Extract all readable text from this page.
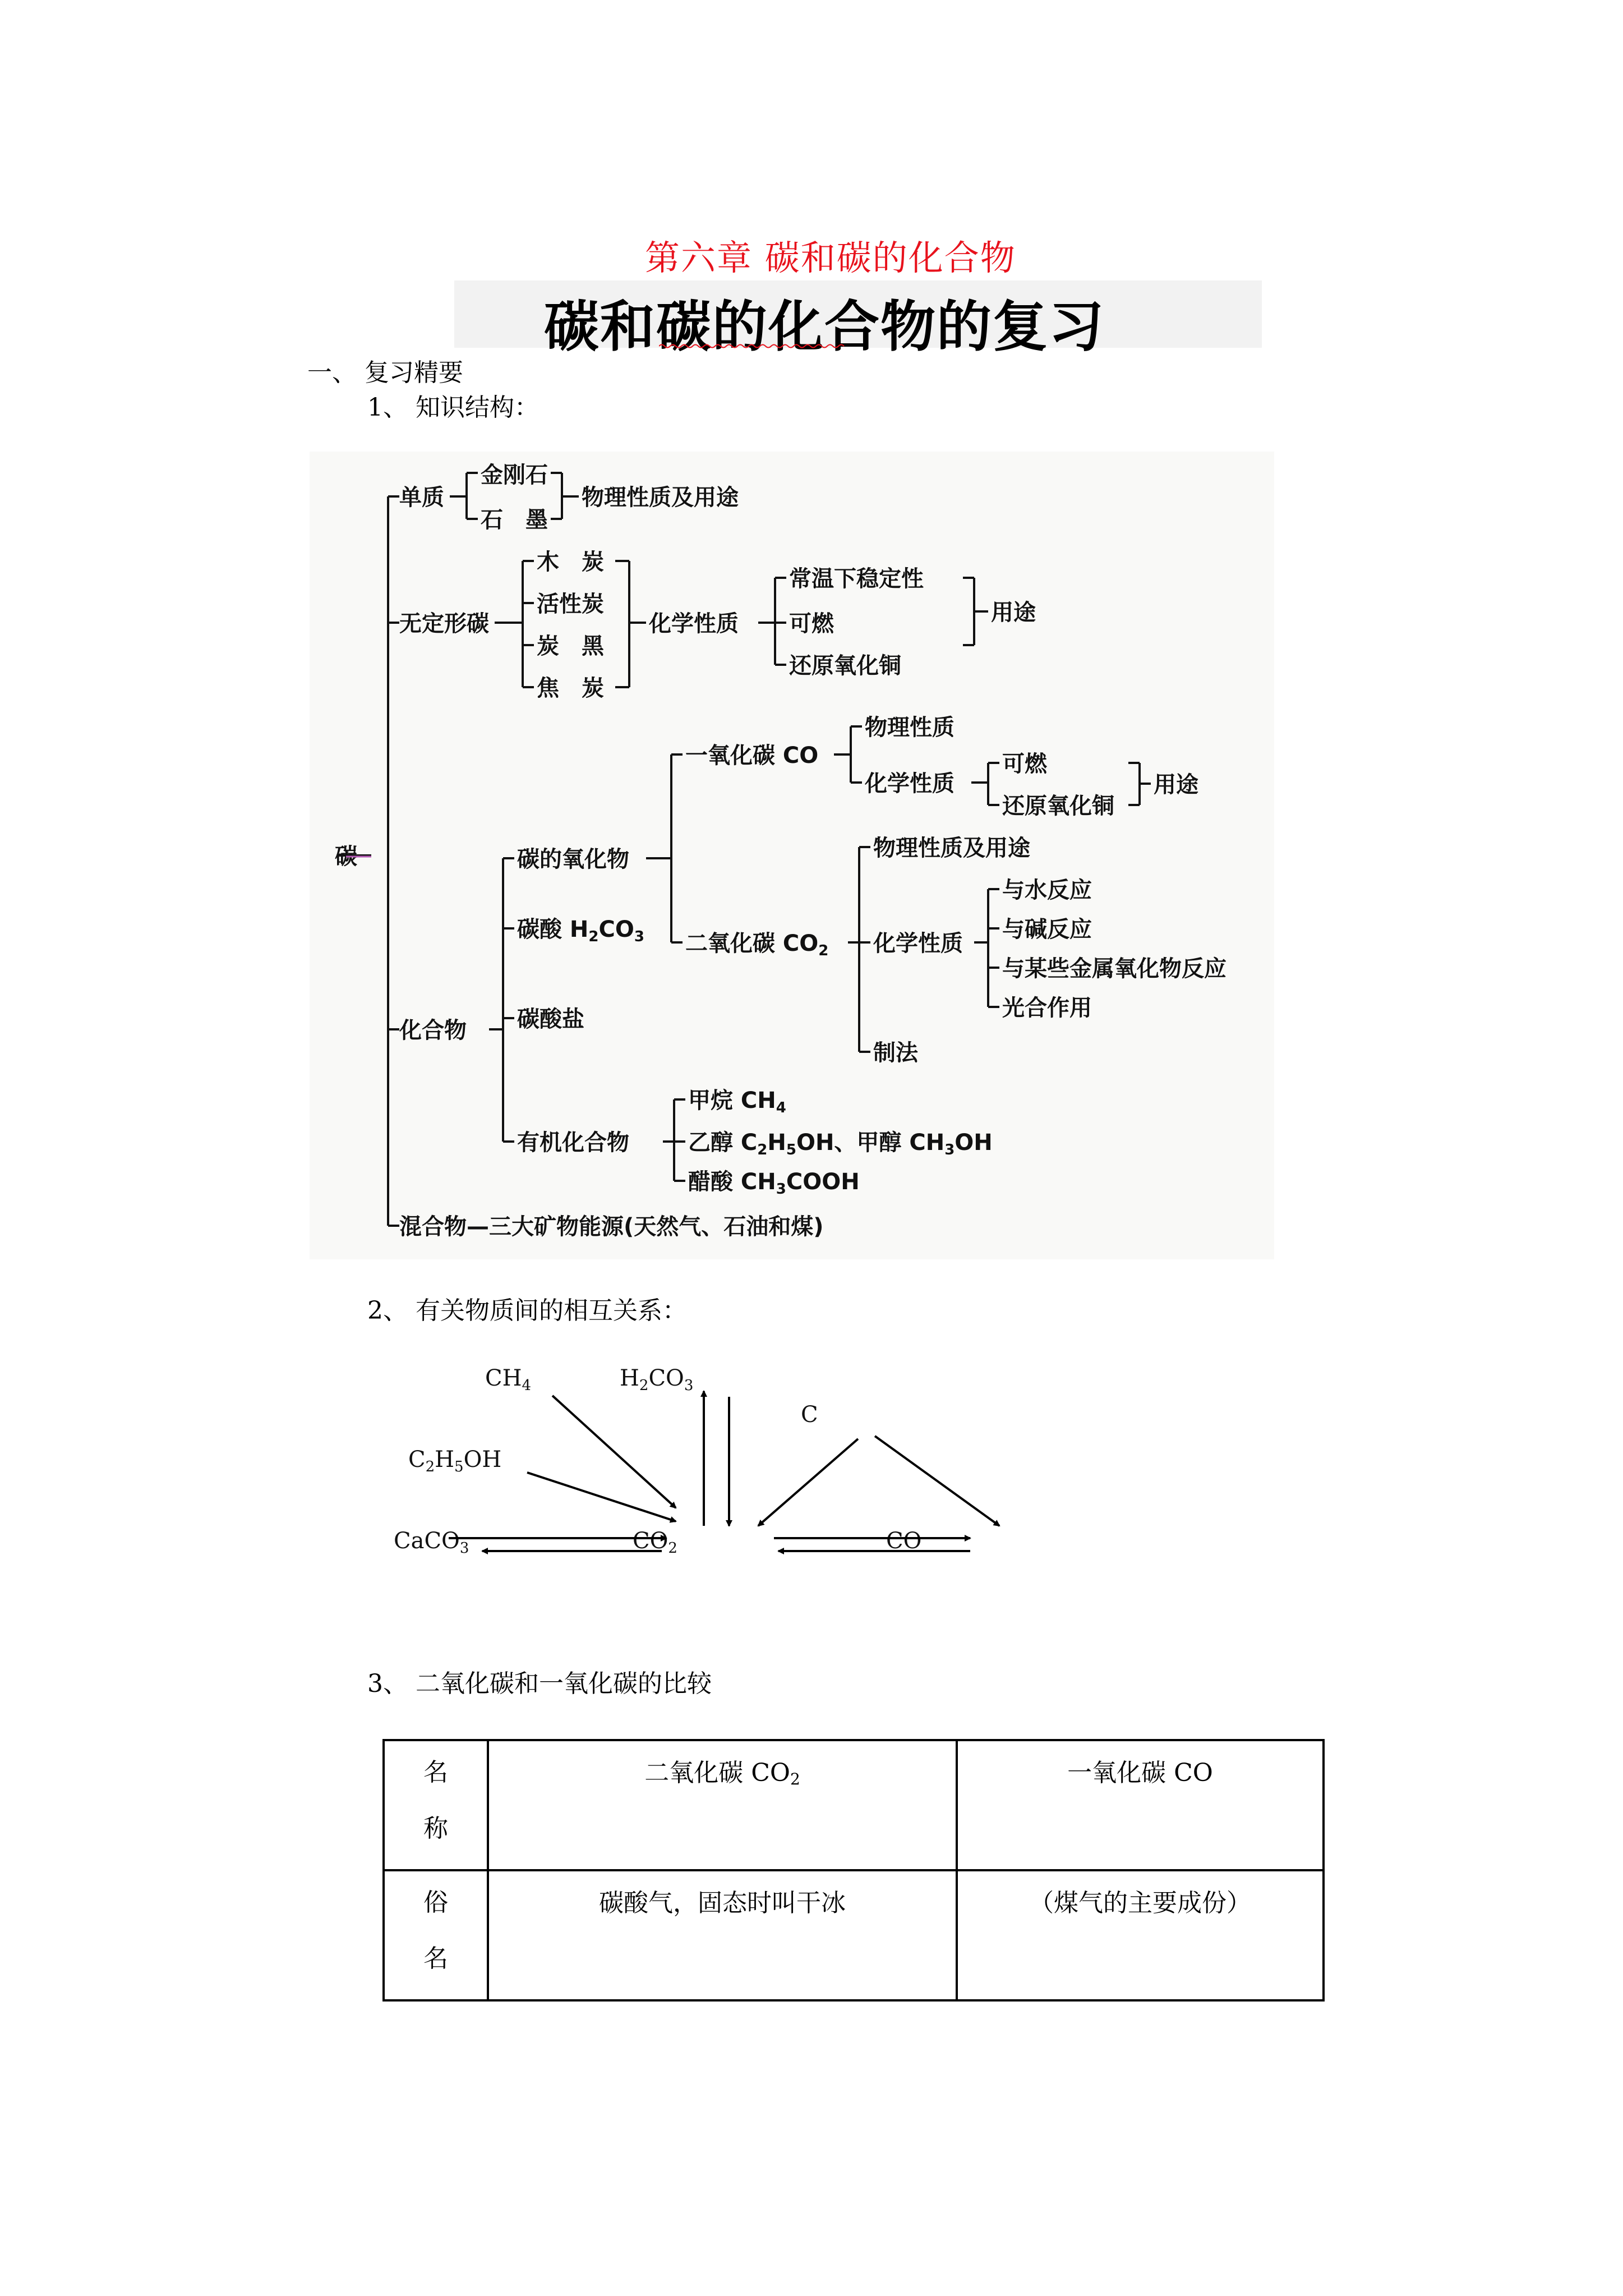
第六章 碳和碳的化合物
碳和碳的化合物的复习
一、 复习精要
1、 知识结构：
碳
单质
金刚石
石　墨
物理性质及用途
无定形碳
木　炭
活性炭
炭　黑
焦　炭
化学性质
常温下稳定性
可燃
还原氧化铜
用途
化合物
碳的氧化物
一氧化碳 CO
物理性质
化学性质
可燃
还原氧化铜
用途
碳酸 $H_2CO_3$ 二氧化碳 $CO_2$
物理性质及用途
化学性质
与水反应
与碱反应
与某些金属氧化物反应
光合作用
制法
碳酸盐
有机化合物
甲烷 $CH_4$
乙醇 $C_2H_5OH$、甲醇 $CH_3OH$
醋酸 $CH_3COOH$
混合物—三大矿物能源(天然气、石油和煤)
2、 有关物质间的相互关系：
$CH_4$	$H_2CO_3$
C
$C_2H_5OH$
CaCO$_3$	$CO_2$	CO
3、 二氧化碳和一氧化碳的比较
名
称	二氧化碳 CO2	一氧化碳 CO
俗
名	碳酸气，固态时叫干冰	（煤气的主要成份）
